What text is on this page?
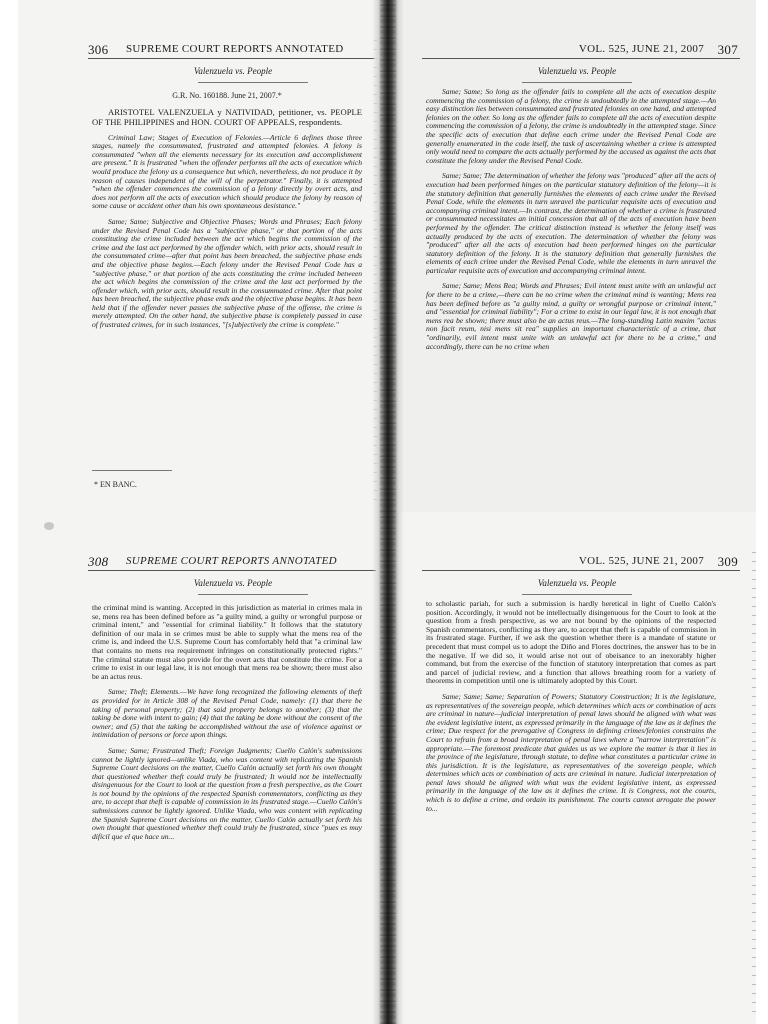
306 SUPREME COURT REPORTS ANNOTATED
Valenzuela vs. People
G.R. No. 160188. June 21, 2007.*

ARISTOTEL VALENZUELA y NATIVIDAD, petitioner, vs. PEOPLE OF THE PHILIPPINES and HON. COURT OF APPEALS, respondents.

Criminal Law; Stages of Execution of Felonies.—Article 6 defines those three stages, namely the consummated, frustrated and attempted felonies. A felony is consummated "when all the elements necessary for its execution and accomplishment are present." It is frustrated "when the offender performs all the acts of execution which would produce the felony as a consequence but which, nevertheless, do not produce it by reason of causes independent of the will of the perpetrator." Finally, it is attempted "when the offender commences the commission of a felony directly by overt acts, and does not perform all the acts of execution which should produce the felony by reason of some cause or accident other than his own spontaneous desistance."

Same; Same; Subjective and Objective Phases; Words and Phrases; Each felony under the Revised Penal Code has a "subjective phase," or that portion of the acts constituting the crime included between the act which begins the commission of the crime and the last act performed by the offender which, with prior acts, should result in the consummated crime—after that point has been breached, the subjective phase ends and the objective phase begins.—Each felony under the Revised Penal Code has a "subjective phase," or that portion of the acts constituting the crime included between the act which begins the commission of the crime and the last act performed by the offender which, with prior acts, should result in the consummated crime. After that point has been breached, the subjective phase ends and the objective phase begins. It has been held that if the offender never passes the subjective phase of the offense, the crime is merely attempted. On the other hand, the subjective phase is completely passed in case of frustrated crimes, for in such instances, "[s]ubjectively the crime is complete."

* EN BANC.
VOL. 525, JUNE 21, 2007 307
Valenzuela vs. People

Same; Same; So long as the offender fails to complete all the acts of execution despite commencing the commission of a felony, the crime is undoubtedly in the attempted stage.—An easy distinction lies between consummated and frustrated felonies on one hand, and attempted felonies on the other. So long as the offender fails to complete all the acts of execution despite commencing the commission of a felony, the crime is undoubtedly in the attempted stage. Since the specific acts of execution that define each crime under the Revised Penal Code are generally enumerated in the code itself, the task of ascertaining whether a crime is attempted only would need to compare the acts actually performed by the accused as against the acts that constitute the felony under the Revised Penal Code.

Same; Same; The determination of whether the felony was "produced" after all the acts of execution had been performed hinges on the particular statutory definition of the felony—it is the statutory definition that generally furnishes the elements of each crime under the Revised Penal Code, while the elements in turn unravel the particular requisite acts of execution and accompanying criminal intent.—In contrast, the determination of whether a crime is frustrated or consummated necessitates an initial concession that all of the acts of execution have been performed by the offender. The critical distinction instead is whether the felony itself was actually produced by the acts of execution. The determination of whether the felony was "produced" after all the acts of execution had been performed hinges on the particular statutory definition of the felony. It is the statutory definition that generally furnishes the elements of each crime under the Revised Penal Code, while the elements in turn unravel the particular requisite acts of execution and accompanying criminal intent.

Same; Same; Mens Rea; Words and Phrases; Evil intent must unite with an unlawful act for there to be a crime,—there can be no crime when the criminal mind is wanting; Mens rea has been defined before as "a guilty mind, a guilty or wrongful purpose or criminal intent," and "essential for criminal liability"; For a crime to exist in our legal law, it is not enough that mens rea be shown; there must also be an actus reus.—The long-standing Latin maxim "actus non facit reum, nisi mens sit rea" supplies an important characteristic of a crime, that "ordinarily, evil intent must unite with an unlawful act for there to be a crime," and accordingly, there can be no crime when

308 SUPREME COURT REPORTS ANNOTATED
Valenzuela vs. People

the criminal mind is wanting. Accepted in this jurisdiction as material in crimes mala in se, mens rea has been defined before as "a guilty mind, a guilty or wrongful purpose or criminal intent," and "essential for criminal liability." It follows that the statutory definition of our mala in se crimes must be able to supply what the mens rea of the crime is, and indeed the U.S. Supreme Court has comfortably held that "a criminal law that contains no mens rea requirement infringes on constitutionally protected rights." The criminal statute must also provide for the overt acts that constitute the crime. For a crime to exist in our legal law, it is not enough that mens rea be shown; there must also be an actus reus.

Same; Theft; Elements.—We have long recognized the following elements of theft as provided for in Article 308 of the Revised Penal Code, namely: (1) that there be taking of personal property; (2) that said property belongs to another; (3) that the taking be done with intent to gain; (4) that the taking be done without the consent of the owner; and (5) that the taking be accomplished without the use of violence against or intimidation of persons or force upon things.

Same; Same; Frustrated Theft; Foreign Judgments; Cuello Calón's submissions cannot be lightly ignored—unlike Viada, who was content with replicating the Spanish Supreme Court decisions on the matter, Cuello Calón actually set forth his own thought that questioned whether theft could truly be frustrated; It would not be intellectually disingenuous for the Court to look at the question from a fresh perspective, as the Court is not bound by the opinions of the respected Spanish commentators, conflicting as they are, to accept that theft is capable of commission in its frustrated stage.—Cuello Calón's submissions cannot be lightly ignored. Unlike Viada, who was content with replicating the Spanish Supreme Court decisions on the matter, Cuello Calón actually set forth his own thought that questioned whether theft could truly be frustrated, since "pues es muy difícil que el que hace un...

VOL. 525, JUNE 21, 2007 309
Valenzuela vs. People

to scholastic pariah, for such a submission is hardly heretical in light of Cuello Calón's position. Accordingly, it would not be intellectually disingenuous for the Court to look at the question from a fresh perspective, as we are not bound by the opinions of the respected Spanish commentators, conflicting as they are, to accept that theft is capable of commission in its frustrated stage. Further, if we ask the question whether there is a mandate of statute or precedent that must compel us to adopt the Diño and Flores doctrines, the answer has to be in the negative. If we did so, it would arise not out of obeisance to an inexorably higher command, but from the exercise of the function of statutory interpretation that comes as part and parcel of judicial review, and a function that allows breathing room for a variety of theorems in competition until one is ultimately adopted by this Court.

Same; Same; Same; Separation of Powers; Statutory Construction; It is the legislature, as representatives of the sovereign people, which determines which acts or combination of acts are criminal in nature—judicial interpretation of penal laws should be aligned with what was the evident legislative intent, as expressed primarily in the language of the law as it defines the crime; Due respect for the prerogative of Congress in defining crimes/felonies constrains the Court to refrain from a broad interpretation of penal laws where a "narrow interpretation" is appropriate.—The foremost predicate that guides us as we explore the matter is that it lies in the province of the legislature, through statute, to define what constitutes a particular crime in this jurisdiction. It is the legislature, as representatives of the sovereign people, which determines which acts or combination of acts are criminal in nature. Judicial interpretation of penal laws should be aligned with what was the evident legislative intent, as expressed primarily in the language of the law as it defines the crime. It is Congress, not the courts, which is to define a crime, and ordain its punishment. The courts cannot arrogate the power to...
